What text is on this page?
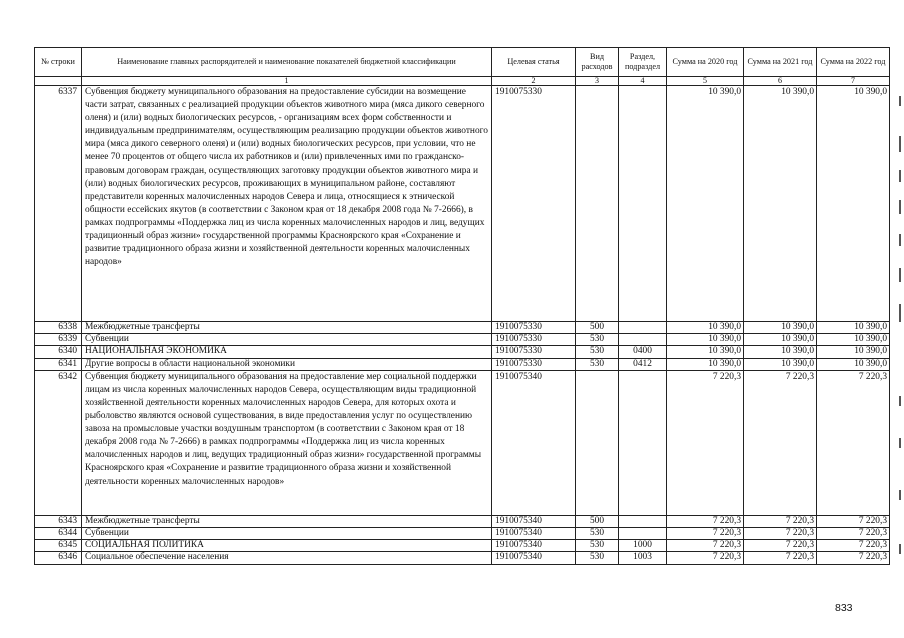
№ строки	Наименование главных распорядителей и наименование показателей бюджетной классификации	Целевая статья	Вид расходов	Раздел, подраздел	Сумма на 2020 год	Сумма на 2021 год	Сумма на 2022 год
	1	2	3	4	5	6	7
6337	Субвенция бюджету муниципального образования на предоставление субсидии на возмещение части затрат, связанных с реализацией продукции объектов животного мира (мяса дикого северного оленя) и (или) водных биологических ресурсов, - организациям всех форм собственности и индивидуальным предпринимателям, осуществляющим реализацию продукции объектов животного мира (мяса дикого северного оленя) и (или) водных биологических ресурсов, при условии, что не менее 70 процентов от общего числа их работников и (или) привлеченных ими по гражданско-правовым договорам граждан, осуществляющих заготовку продукции объектов животного мира и (или) водных биологических ресурсов, проживающих в муниципальном районе, составляют представители коренных малочисленных народов Севера и лица, относящиеся к этнической общности ессейских якутов (в соответствии с Законом края от 18 декабря 2008 года № 7-2666), в рамках подпрограммы «Поддержка лиц из числа коренных малочисленных народов и лиц, ведущих традиционный образ жизни» государственной программы Красноярского края «Сохранение и развитие традиционного образа жизни и хозяйственной деятельности коренных малочисленных народов»	1910075330			10 390,0	10 390,0	10 390,0
6338	Межбюджетные трансферты	1910075330	500		10 390,0	10 390,0	10 390,0
6339	Субвенции	1910075330	530		10 390,0	10 390,0	10 390,0
6340	НАЦИОНАЛЬНАЯ ЭКОНОМИКА	1910075330	530	0400	10 390,0	10 390,0	10 390,0
6341	Другие вопросы в области национальной экономики	1910075330	530	0412	10 390,0	10 390,0	10 390,0
6342	Субвенция бюджету муниципального образования на предоставление мер социальной поддержки лицам из числа коренных малочисленных народов Севера, осуществляющим виды традиционной хозяйственной деятельности коренных малочисленных народов Севера, для которых охота и рыболовство являются основой существования, в виде предоставления услуг по осуществлению завоза на промысловые участки воздушным транспортом (в соответствии с Законом края от 18 декабря 2008 года № 7-2666) в рамках подпрограммы «Поддержка лиц из числа коренных малочисленных народов и лиц, ведущих традиционный образ жизни» государственной программы Красноярского края «Сохранение и развитие традиционного образа жизни и хозяйственной деятельности коренных малочисленных народов»	1910075340			7 220,3	7 220,3	7 220,3
6343	Межбюджетные трансферты	1910075340	500		7 220,3	7 220,3	7 220,3
6344	Субвенции	1910075340	530		7 220,3	7 220,3	7 220,3
6345	СОЦИАЛЬНАЯ ПОЛИТИКА	1910075340	530	1000	7 220,3	7 220,3	7 220,3
6346	Социальное обеспечение населения	1910075340	530	1003	7 220,3	7 220,3	7 220,3
833
